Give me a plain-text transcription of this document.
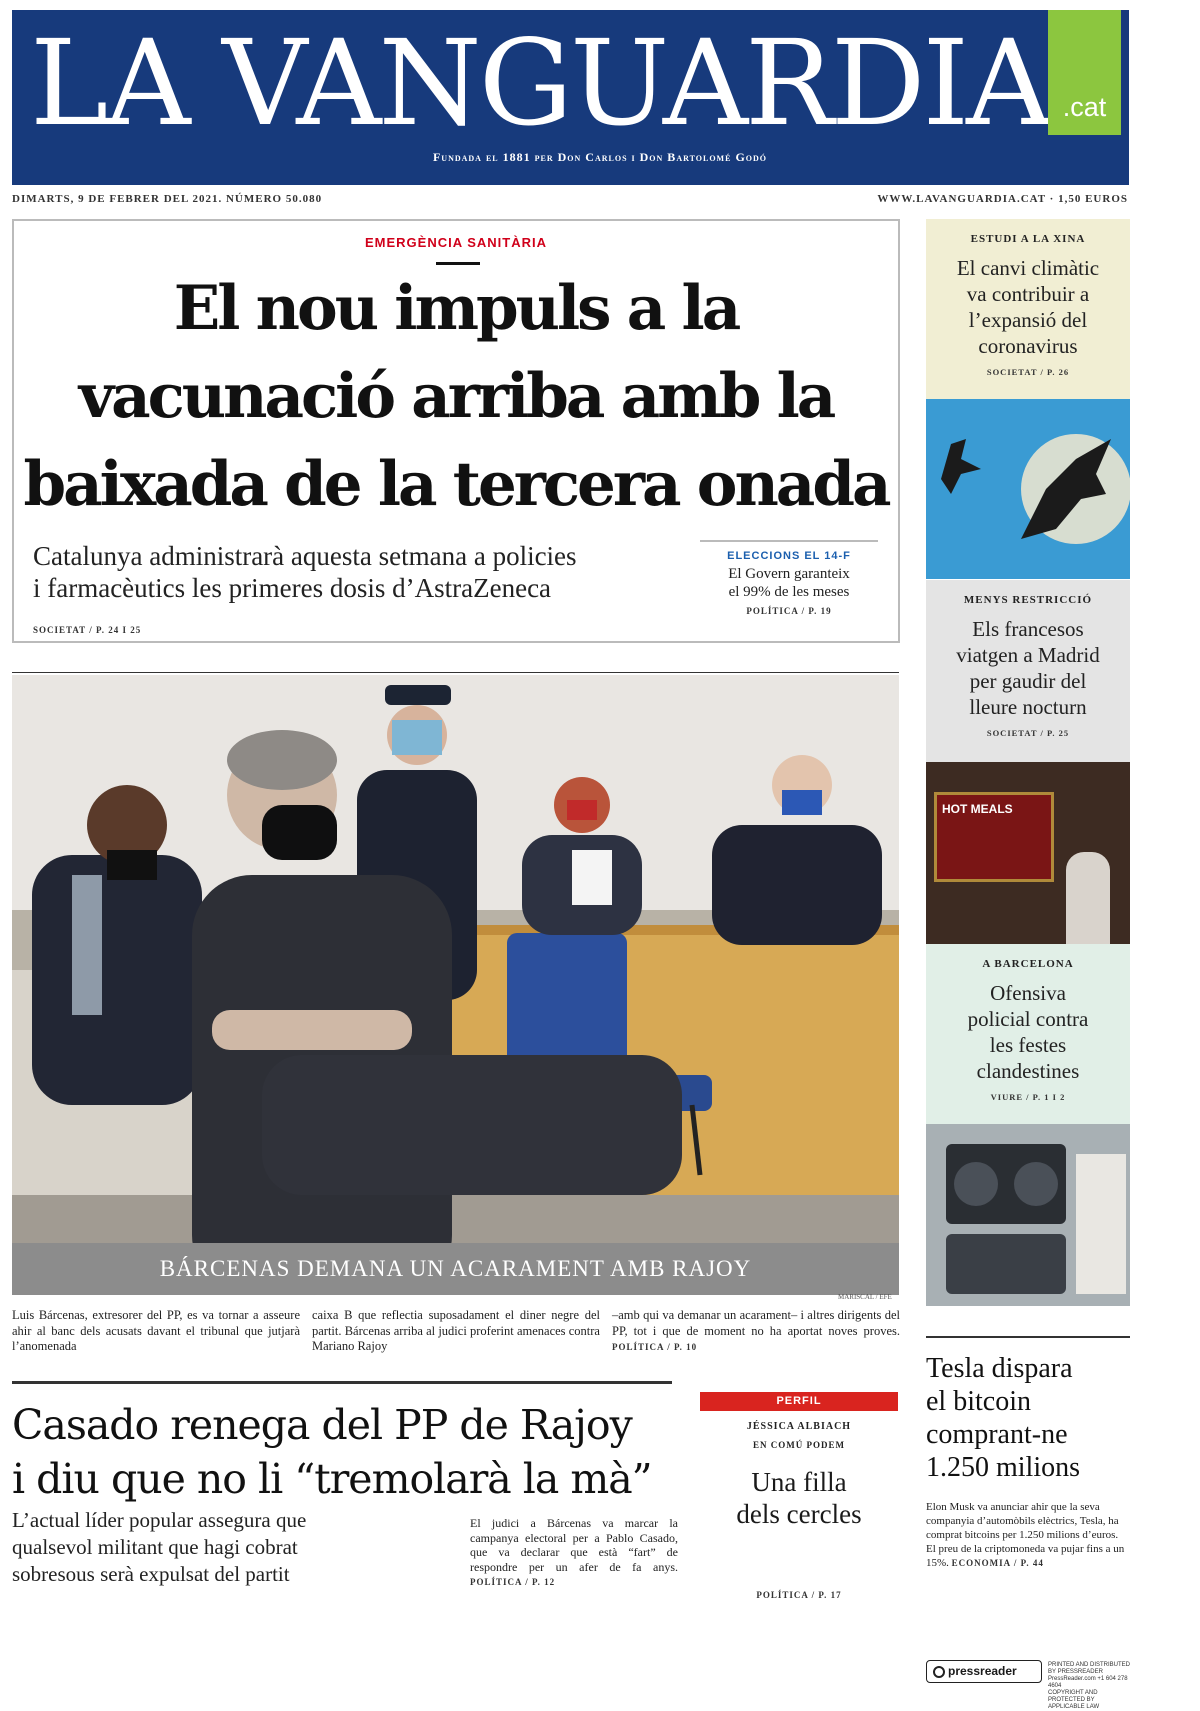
LA VANGUARDIA .cat
Fundada el 1881 per Don Carlos i Don Bartolomé Godó
DIMARTS, 9 DE FEBRER DEL 2021. NÚMERO 50.080	WWW.LAVANGUARDIA.CAT · 1,50 EUROS
EMERGÈNCIA SANITÀRIA
El nou impuls a la
vacunació arriba amb la
baixada de la tercera onada
Catalunya administrarà aquesta setmana a policies
i farmacèutics les primeres dosis d’AstraZeneca
SOCIETAT / P. 24 I 25
ELECCIONS EL 14-F
El Govern garanteix
el 99% de les meses
POLÍTICA / P. 19
BÁRCENAS DEMANA UN ACARAMENT AMB RAJOY
MARISCAL / EFE
Luis Bárcenas, extresorer del PP, es va tornar a asseure ahir al banc dels acusats davant el tribunal que jutjarà l’anomenada
caixa B que reflectia suposadament el diner negre del partit. Bárcenas arriba al judici proferint amenaces contra Mariano Rajoy
–amb qui va demanar un acarament– i altres dirigents del PP, tot i que de moment no ha aportat noves proves. POLÍTICA / P. 10
Casado renega del PP de Rajoy
i diu que no li “tremolarà la mà”
L’actual líder popular assegura que
qualsevol militant que hagi cobrat
sobresous serà expulsat del partit
El judici a Bárcenas va marcar la campanya electoral per a Pablo Casado, que va declarar que està “fart” de respondre per un afer de fa anys. POLÍTICA / P. 12
PERFIL
JÉSSICA ALBIACH
EN COMÚ PODEM
Una filla
dels cercles
POLÍTICA / P. 17
ESTUDI A LA XINA
El canvi climàtic
va contribuir a
l’expansió del
coronavirus
SOCIETAT / P. 26
MENYS RESTRICCIÓ
Els francesos
viatgen a Madrid
per gaudir del
lleure nocturn
SOCIETAT / P. 25
HOT MEALS
A BARCELONA
Ofensiva
policial contra
les festes
clandestines
VIURE / P. 1 I 2
Tesla dispara
el bitcoin
comprant-ne
1.250 milions
Elon Musk va anunciar ahir que la seva companyia d’automòbils elèctrics, Tesla, ha comprat bitcoins per 1.250 milions d’euros. El preu de la criptomoneda va pujar fins a un 15%. ECONOMIA / P. 44
pressreader	PRINTED AND DISTRIBUTED BY PRESSREADER
PressReader.com +1 604 278 4604
COPYRIGHT AND PROTECTED BY APPLICABLE LAW
